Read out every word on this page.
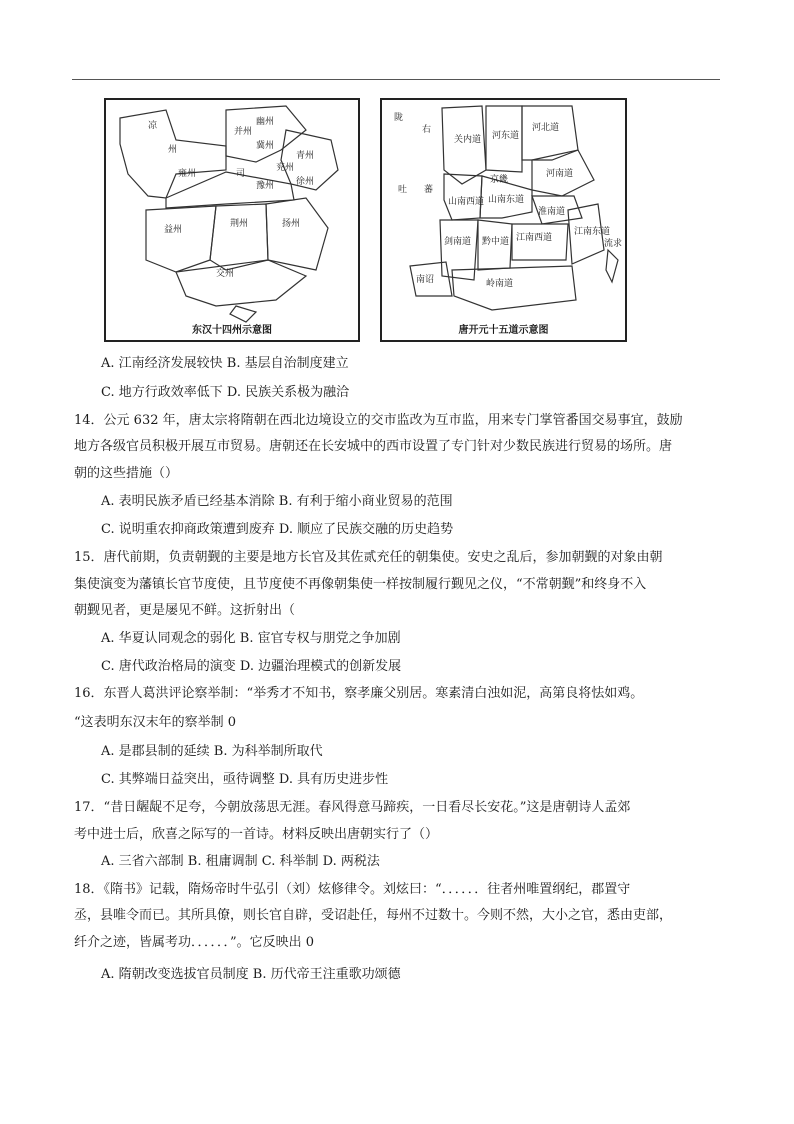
凉
州
并州
幽州
冀州
青州
雍州	司
豫州
兖州
徐州
益州
荆州	扬州
交州
东汉十四州示意图
陇
右
关内道 河东道
河北道
河南道
吐 蕃
京畿
山南西道 山南东道
淮南道
剑南道 黔中道 江南西道
江南东道
南诏	岭南道
流求
唐开元十五道示意图
A. 江南经济发展较快 B. 基层自治制度建立
C. 地方行政效率低下 D. 民族关系极为融洽
14．公元 632 年，唐太宗将隋朝在西北边境设立的交市监改为互市监，用来专门掌管番国交易事宜，鼓励
地方各级官员积极开展互市贸易。唐朝还在长安城中的西市设置了专门针对少数民族进行贸易的场所。唐
朝的这些措施（）
A. 表明民族矛盾已经基本消除 B. 有利于缩小商业贸易的范围
C. 说明重农抑商政策遭到废弃 D. 顺应了民族交融的历史趋势
15．唐代前期，负责朝觐的主要是地方长官及其佐贰充任的朝集使。安史之乱后，参加朝觐的对象由朝
集使演变为藩镇长官节度使，且节度使不再像朝集使一样按制履行觐见之仪，“不常朝觐”和终身不入
朝觐见者，更是屡见不鲜。这折射出（
A. 华夏认同观念的弱化 B. 宦官专权与朋党之争加剧
C. 唐代政治格局的演变 D. 边疆治理模式的创新发展
16．东晋人葛洪评论察举制：“举秀才不知书，察孝廉父别居。寒素清白浊如泥，高第良将怯如鸡。
“这表明东汉末年的察举制 0
A. 是郡县制的延续 B. 为科举制所取代
C. 其弊端日益突出，亟待调整 D. 具有历史进步性
17．“昔日龌龊不足夸，今朝放荡思无涯。春风得意马蹄疾，一日看尽长安花。”这是唐朝诗人孟郊
考中进士后，欣喜之际写的一首诗。材料反映出唐朝实行了（）
A. 三省六部制 B. 租庸调制 C. 科举制 D. 两税法
18．《隋书》记载，隋炀帝时牛弘引（刘）炫修律令。刘炫曰：“．．．．．．往者州唯置纲纪，郡置守
丞，县唯令而已。其所具僚，则长官自辟，受诏赴任，每州不过数十。今则不然，大小之官，悉由吏部，
纤介之迹，皆属考功．．．．．．”。它反映出 0
A. 隋朝改变选拔官员制度 B. 历代帝王注重歌功颂德
